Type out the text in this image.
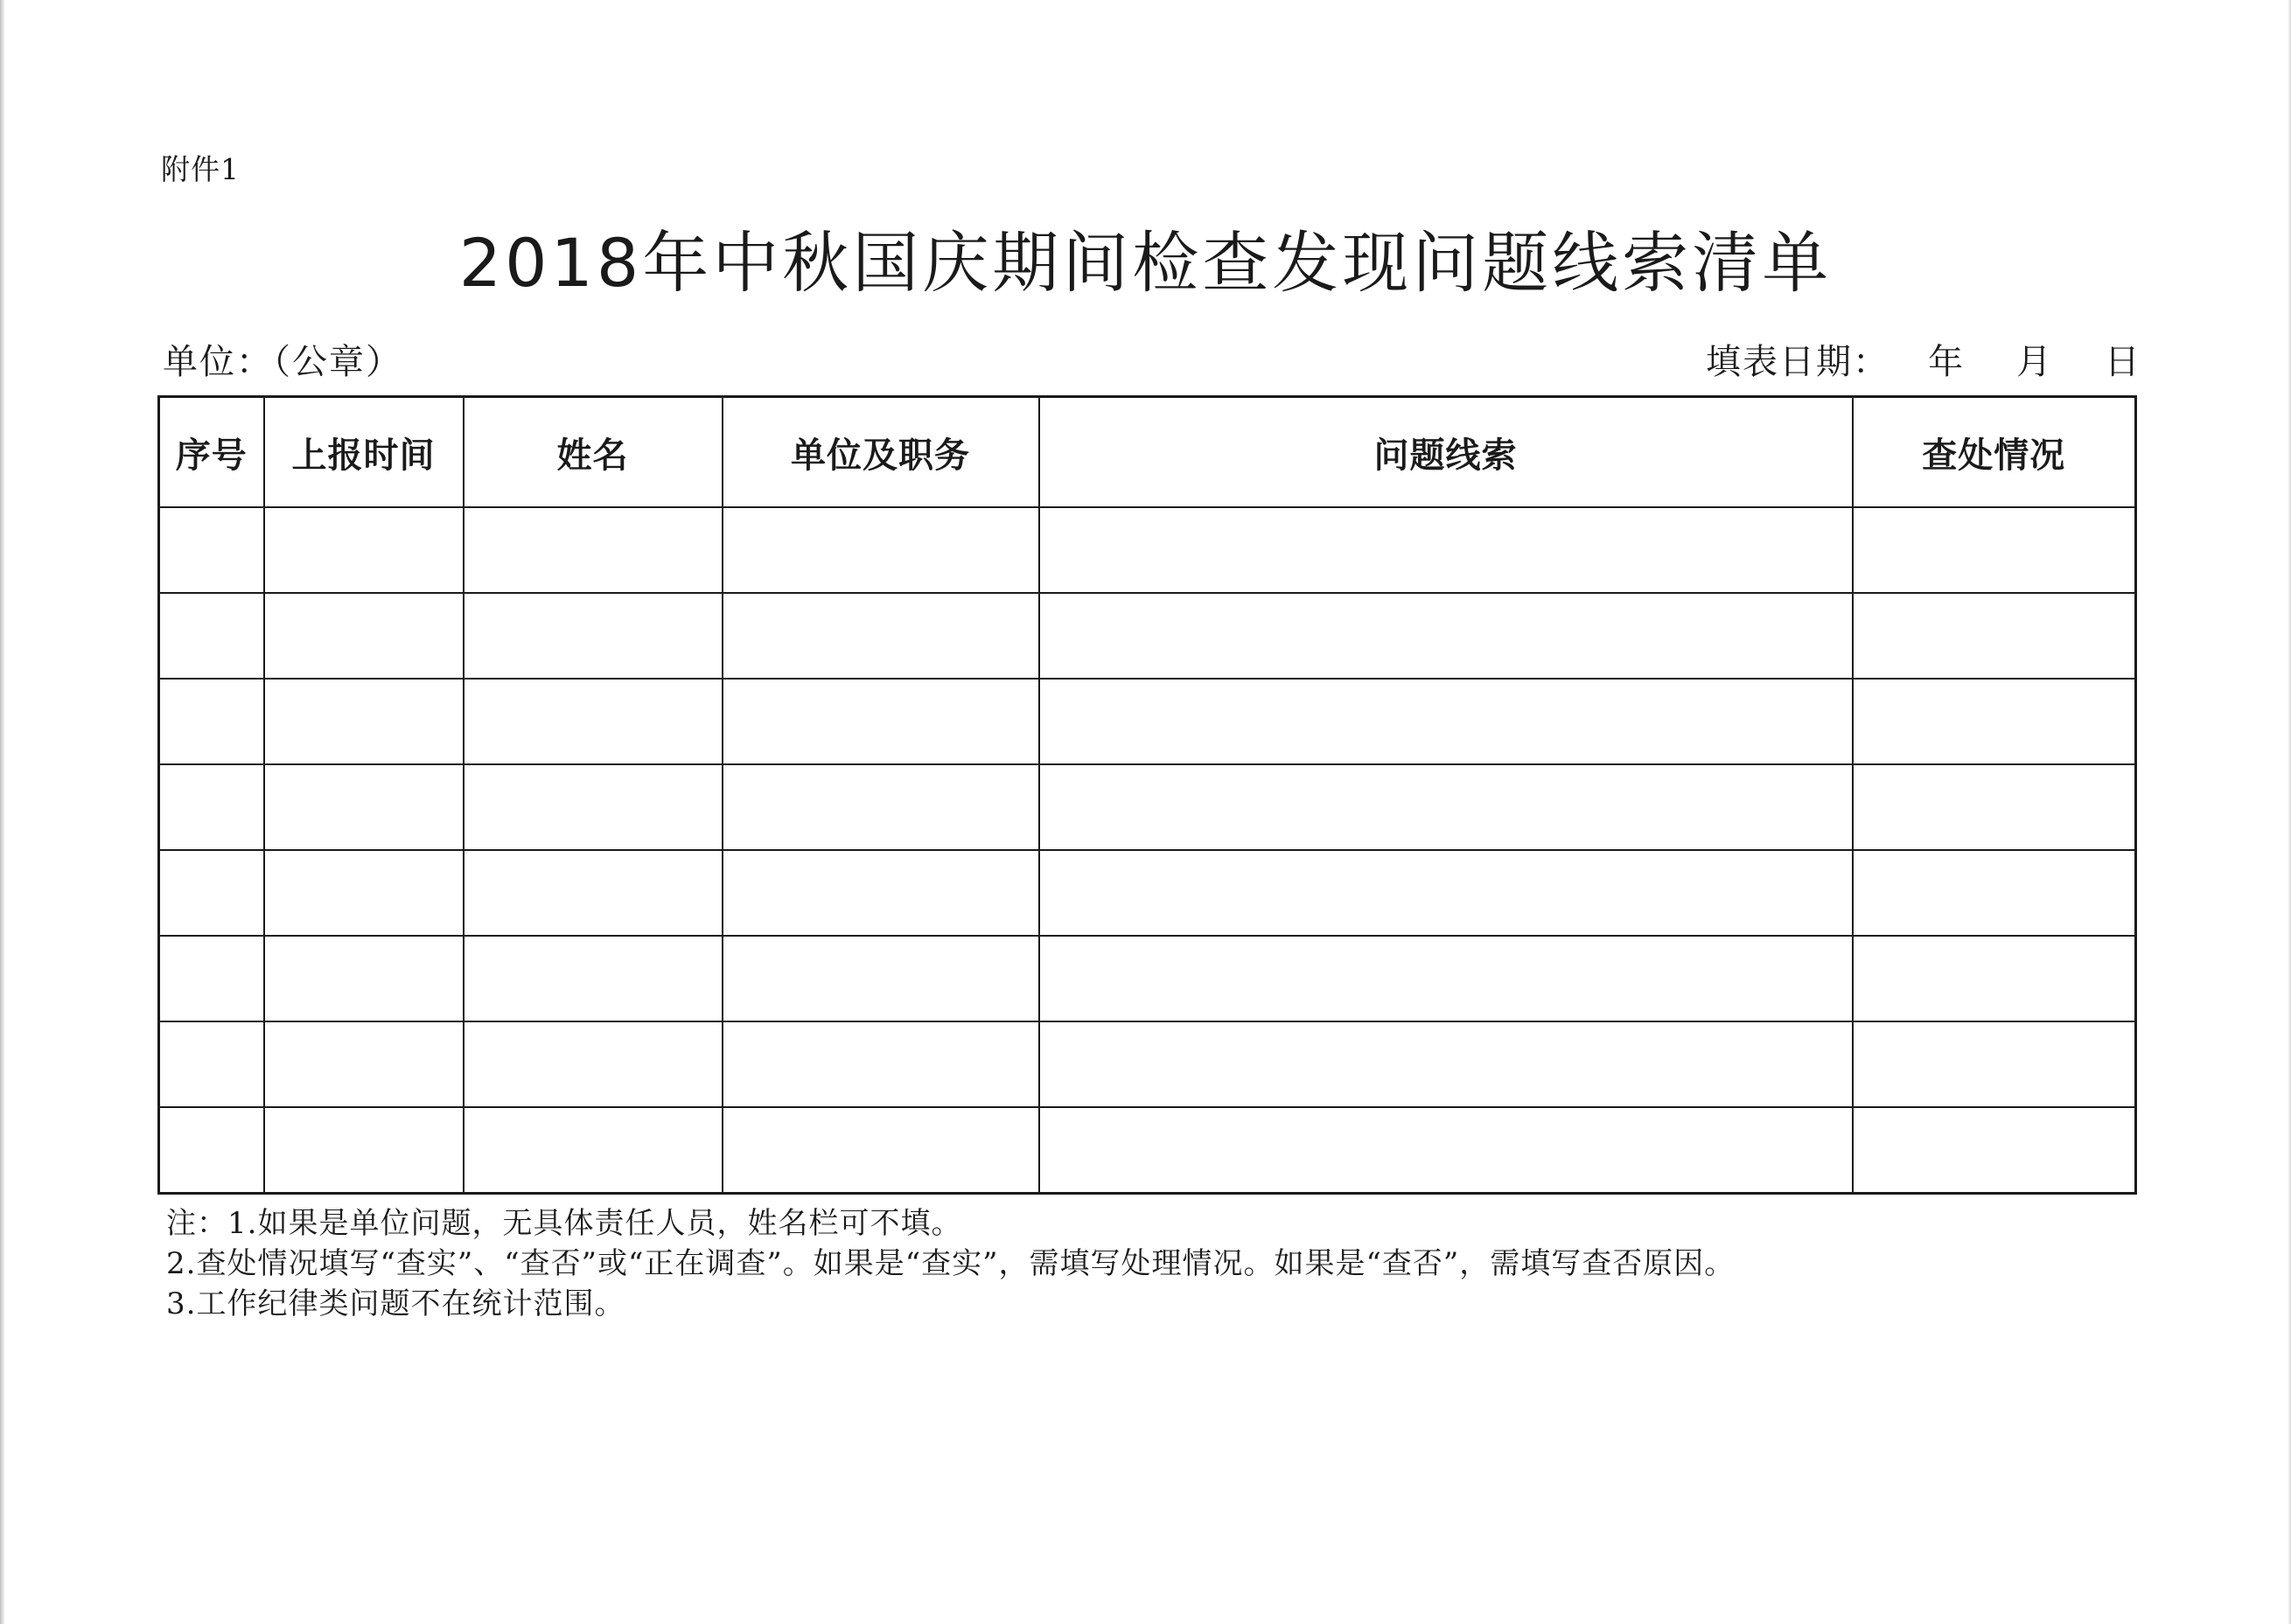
附件1
2018年中秋国庆期间检查发现问题线索清单
单位：（公章）	填表日期： 年 月 日
序号	上报时间	姓名	单位及职务	问题线索	查处情况

注：1.如果是单位问题，无具体责任人员，姓名栏可不填。
2.查处情况填写“查实”、“查否”或“正在调查”。如果是“查实”，需填写处理情况。如果是“查否”，需填写查否原因。
3.工作纪律类问题不在统计范围。
